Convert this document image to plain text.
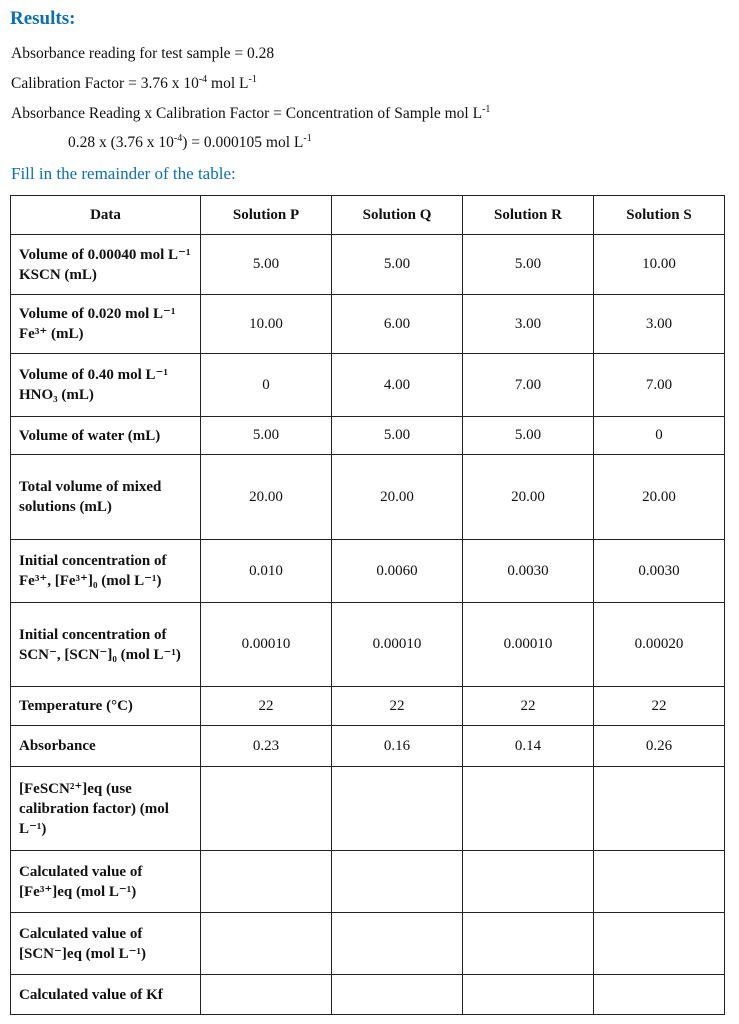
Results:
Absorbance reading for test sample = 0.28
Calibration Factor = 3.76 x $10^{-4}$ mol $L^{-1}$
Absorbance Reading x Calibration Factor = Concentration of Sample mol $L^{-1}$
0.28 x (3.76 x $10^{-4}) = 0.000105$ mol $L^{-1}$
Fill in the remainder of the table:
Data	Solution P	Solution Q	Solution R	Solution S
Volume of 0.00040 mol L⁻¹ KSCN (mL)	5.00	5.00	5.00	10.00
Volume of 0.020 mol L⁻¹ Fe³⁺ (mL)	10.00	6.00	3.00	3.00
Volume of 0.40 mol L⁻¹ HNO₃ (mL)	0	4.00	7.00	7.00
Volume of water (mL)	5.00	5.00	5.00	0
Total volume of mixed solutions (mL)	20.00	20.00	20.00	20.00
Initial concentration of Fe³⁺, [Fe³⁺]₀ (mol L⁻¹)	0.010	0.0060	0.0030	0.0030
Initial concentration of SCN⁻, [SCN⁻]₀ (mol L⁻¹)	0.00010	0.00010	0.00010	0.00020
Temperature (°C)	22	22	22	22
Absorbance	0.23	0.16	0.14	0.26
[FeSCN²⁺]eq (use calibration factor) (mol L⁻¹)				
Calculated value of [Fe³⁺]eq (mol L⁻¹)				
Calculated value of [SCN⁻]eq (mol L⁻¹)				
Calculated value of Kf				
